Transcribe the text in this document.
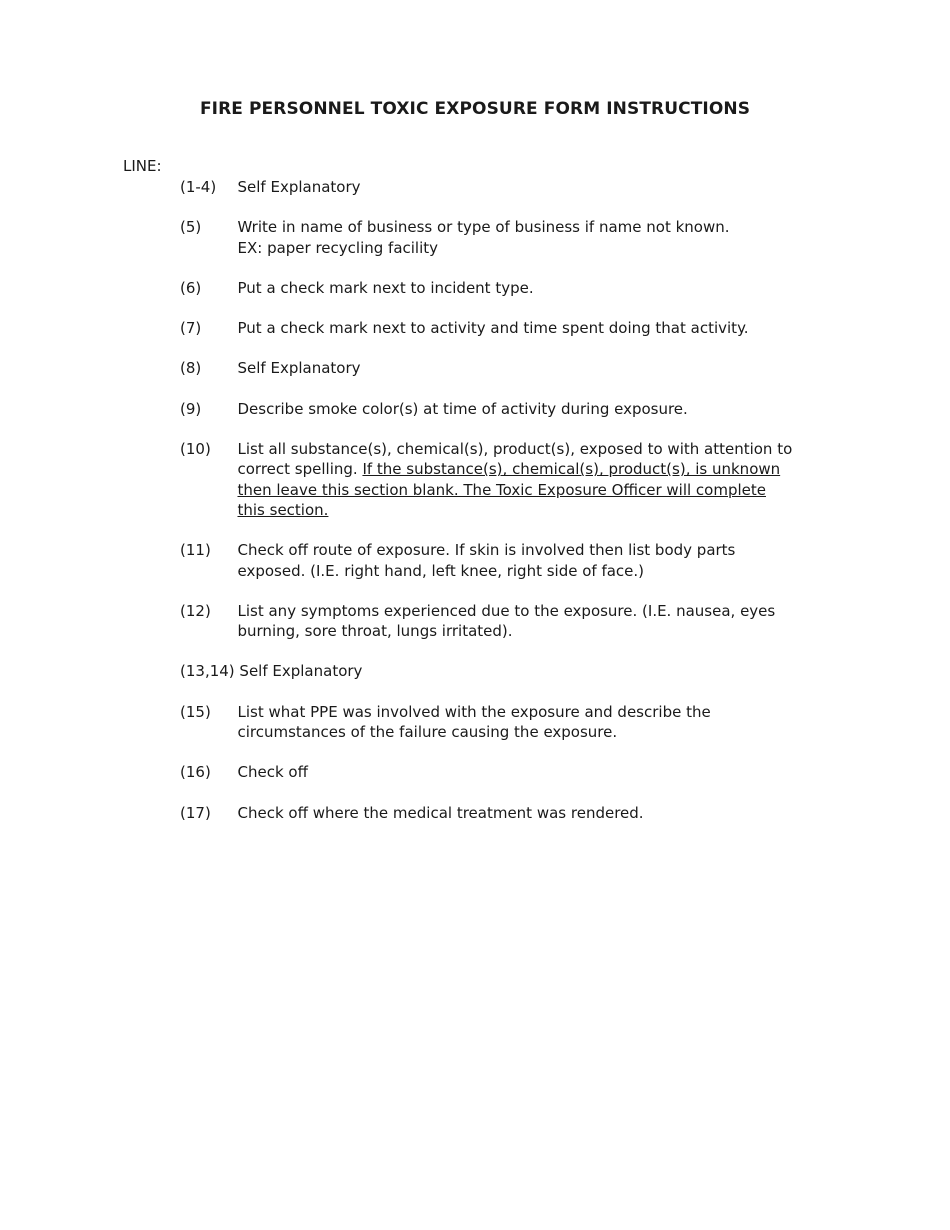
FIRE PERSONNEL TOXIC EXPOSURE FORM INSTRUCTIONS

LINE:

(1-4) Self Explanatory
(5) Write in name of business or type of business if name not known.
EX: paper recycling facility
(6) Put a check mark next to incident type.
(7) Put a check mark next to activity and time spent doing that activity.
(8) Self Explanatory
(9) Describe smoke color(s) at time of activity during exposure.
(10) List all substance(s), chemical(s), product(s), exposed to with attention to correct spelling. If the substance(s), chemical(s), product(s), is unknown then leave this section blank. The Toxic Exposure Officer will complete this section.
(11) Check off route of exposure. If skin is involved then list body parts exposed. (I.E. right hand, left knee, right side of face.)
(12) List any symptoms experienced due to the exposure. (I.E. nausea, eyes burning, sore throat, lungs irritated).
(13,14) Self Explanatory
(15) List what PPE was involved with the exposure and describe the circumstances of the failure causing the exposure.
(16) Check off
(17) Check off where the medical treatment was rendered.
